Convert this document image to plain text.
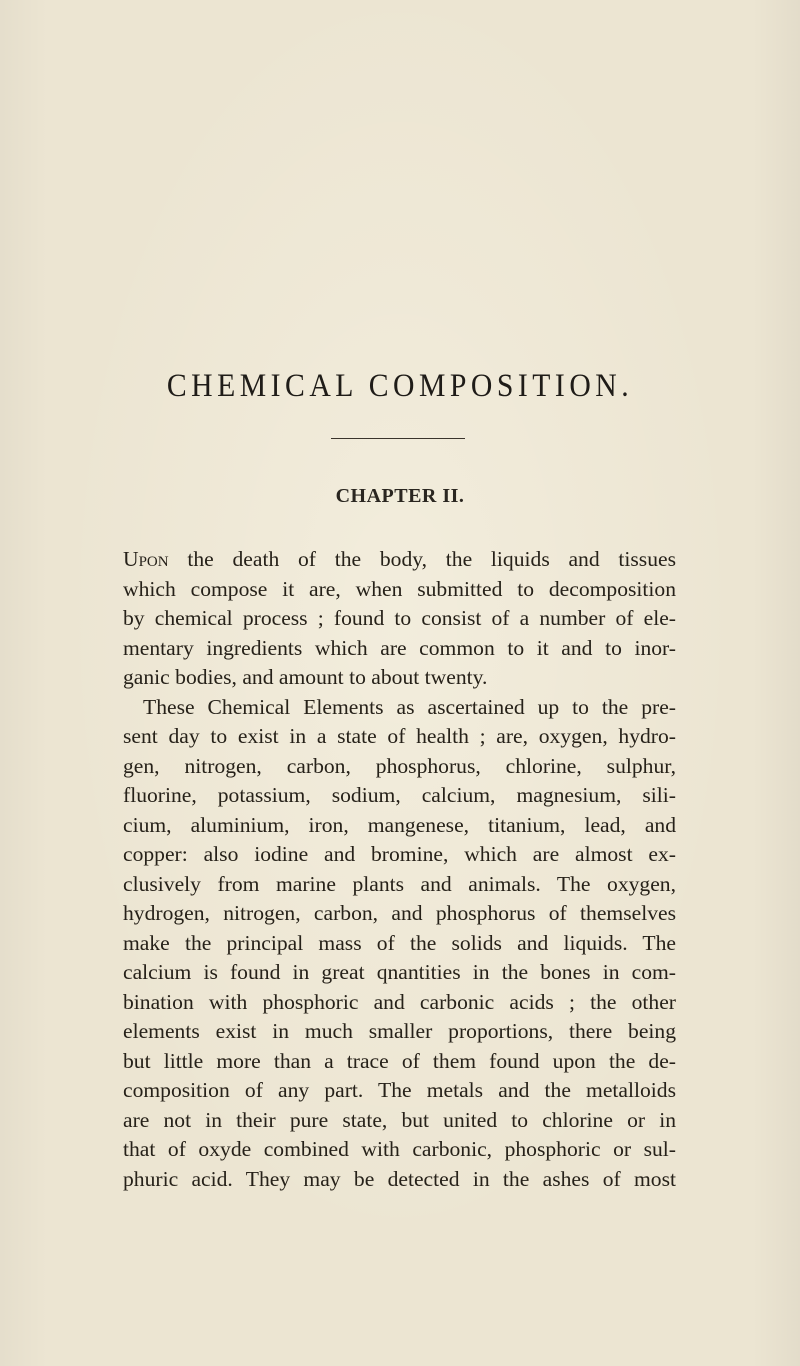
CHEMICAL COMPOSITION.
CHAPTER II.
Upon the death of the body, the liquids and tissues
which compose it are, when submitted to decomposition
by chemical process ; found to consist of a number of ele-
mentary ingredients which are common to it and to inor-
ganic bodies, and amount to about twenty.
These Chemical Elements as ascertained up to the pre-
sent day to exist in a state of health ; are, oxygen, hydro-
gen, nitrogen, carbon, phosphorus, chlorine, sulphur,
fluorine, potassium, sodium, calcium, magnesium, sili-
cium, aluminium, iron, mangenese, titanium, lead, and
copper: also iodine and bromine, which are almost ex-
clusively from marine plants and animals. The oxygen,
hydrogen, nitrogen, carbon, and phosphorus of themselves
make the principal mass of the solids and liquids. The
calcium is found in great qnantities in the bones in com-
bination with phosphoric and carbonic acids ; the other
elements exist in much smaller proportions, there being
but little more than a trace of them found upon the de-
composition of any part. The metals and the metalloids
are not in their pure state, but united to chlorine or in
that of oxyde combined with carbonic, phosphoric or sul-
phuric acid. They may be detected in the ashes of most
